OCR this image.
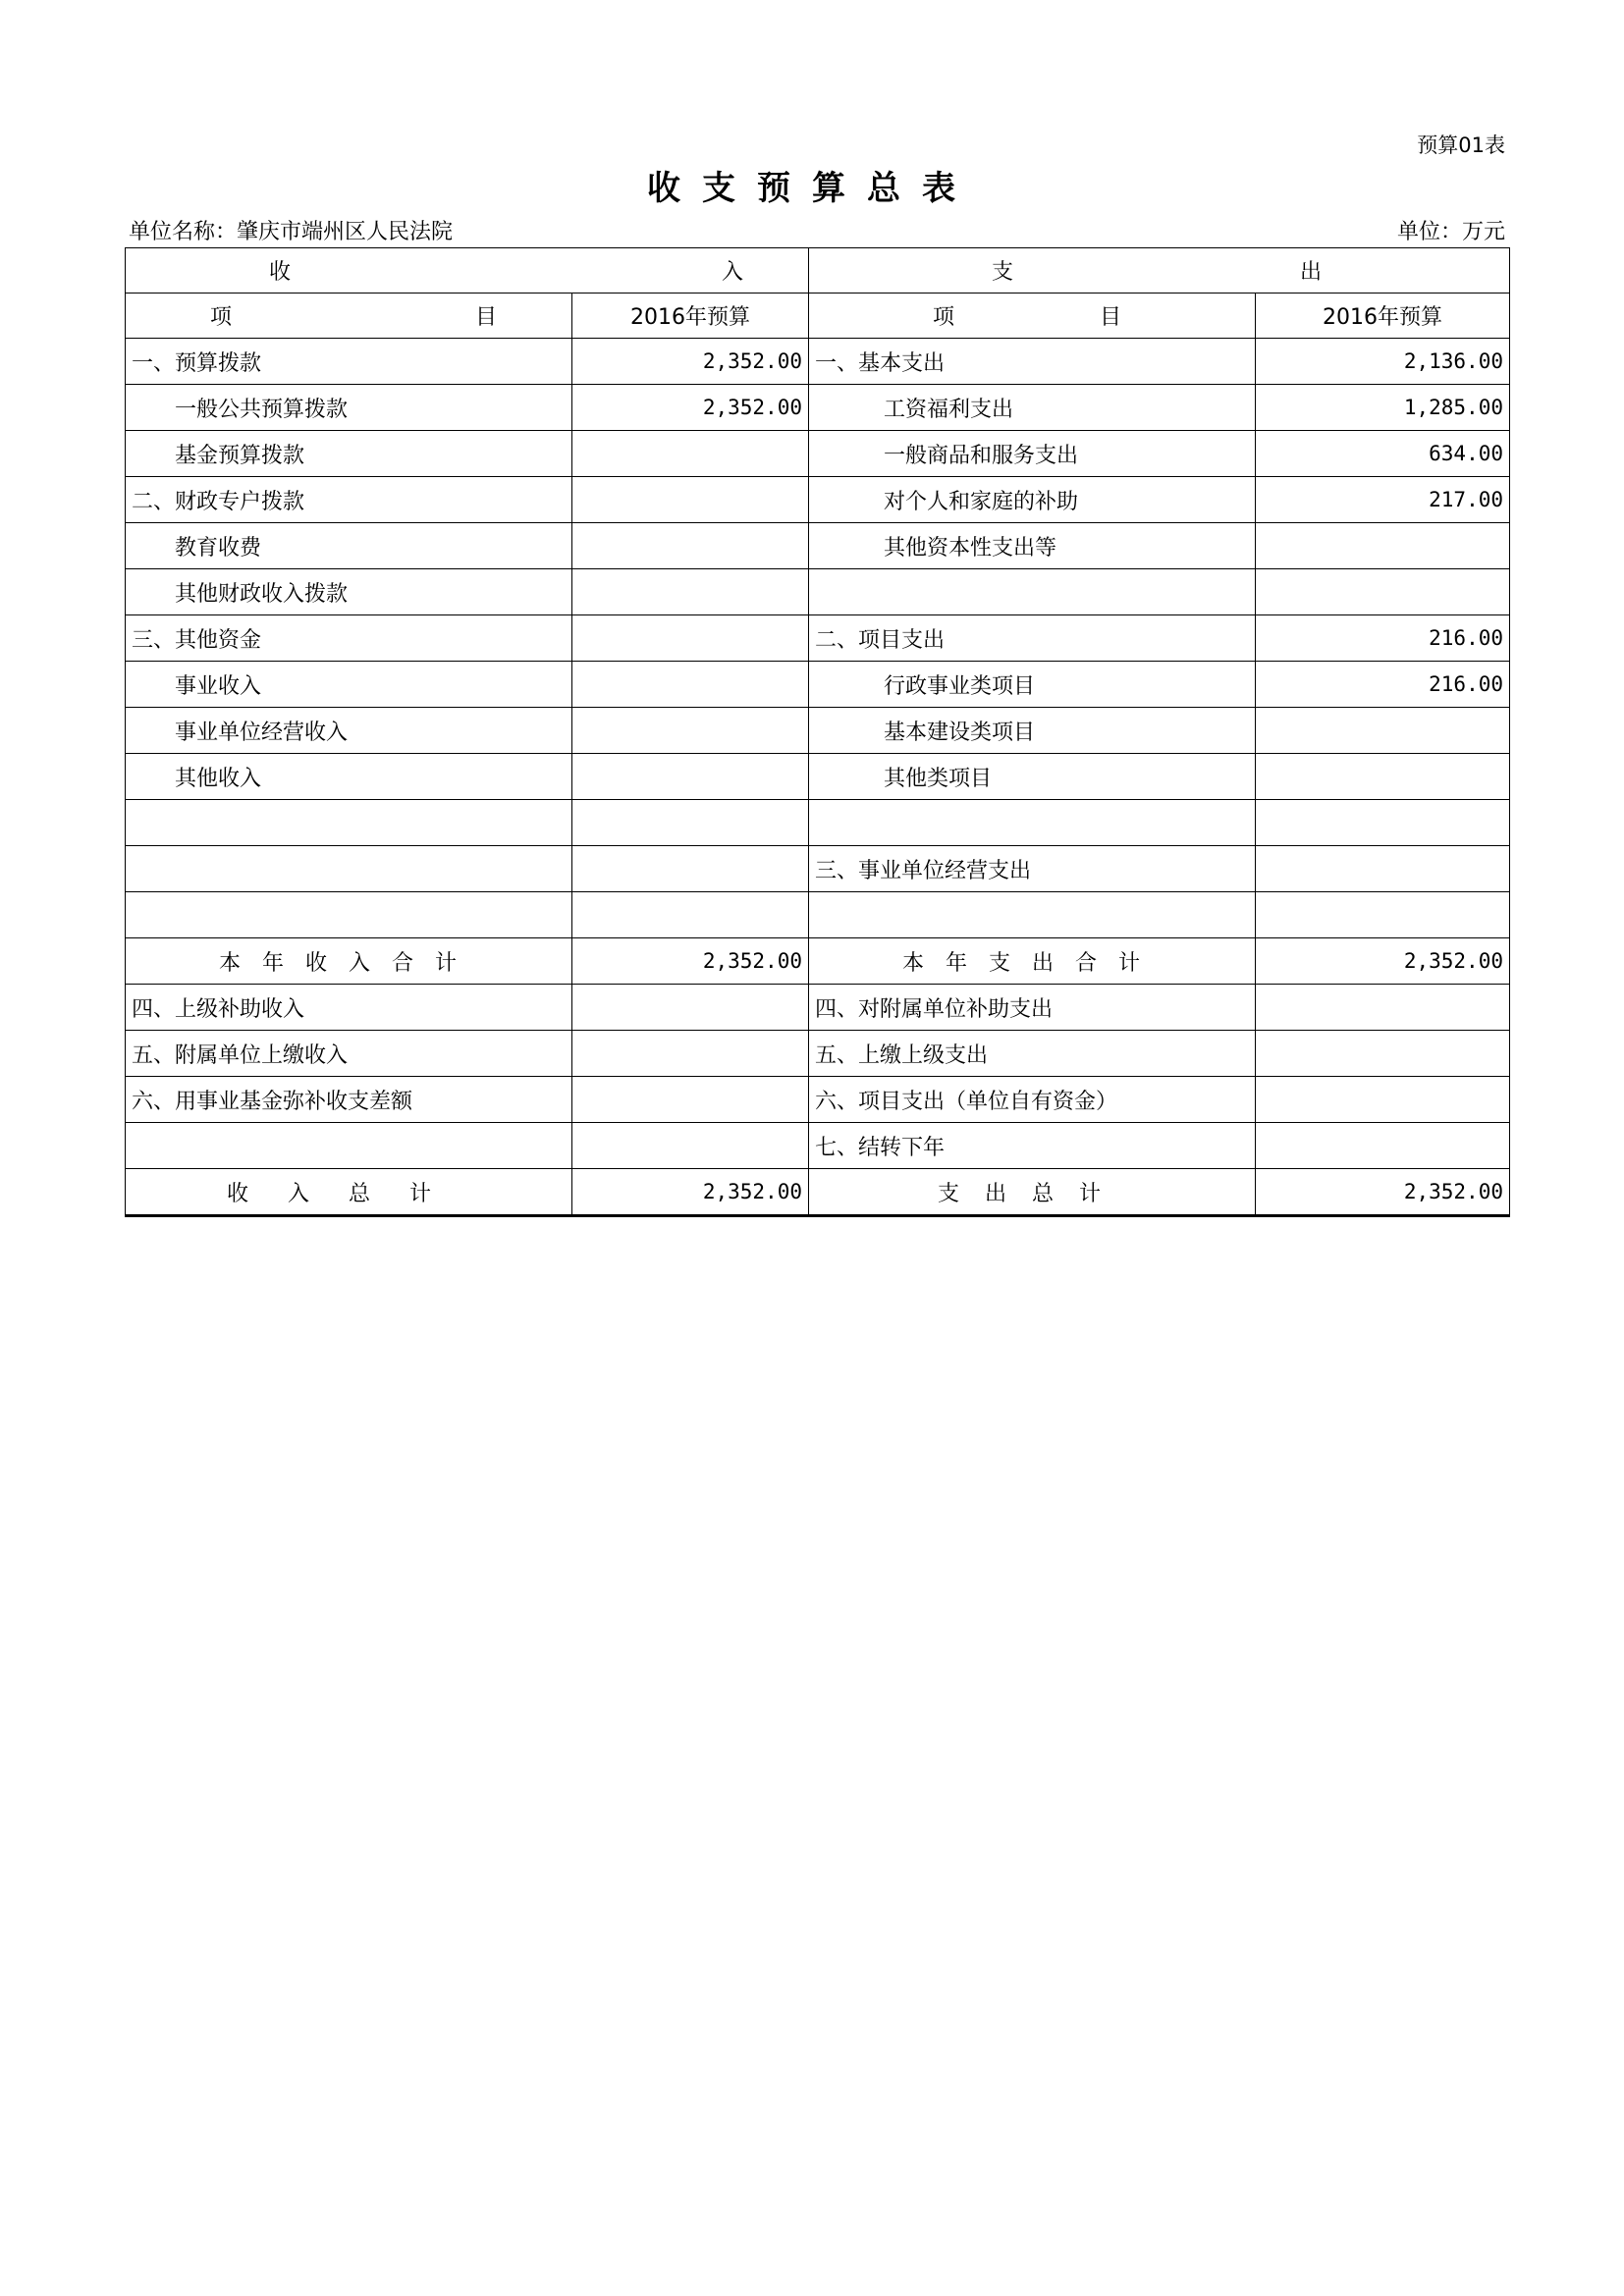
预算01表
收支预算总表
单位名称：肇庆市端州区人民法院	单位：万元
收 入		支 出	

项 目	2016年预算	项 目	2016年预算
一、预算拨款	2,352.00	一、基本支出	2,136.00
一般公共预算拨款	2,352.00	工资福利支出	1,285.00
基金预算拨款		一般商品和服务支出	634.00
二、财政专户拨款		对个人和家庭的补助	217.00
教育收费		其他资本性支出等	
其他财政收入拨款			
三、其他资金		二、项目支出	216.00
事业收入		行政事业类项目	216.00
事业单位经营收入		基本建设类项目	
其他收入		其他类项目	

		三、事业单位经营支出	

本年收入合计	2,352.00	本年支出合计	2,352.00
四、上级补助收入		四、对附属单位补助支出	
五、附属单位上缴收入		五、上缴上级支出	
六、用事业基金弥补收支差额		六、项目支出（单位自有资金）	
		七、结转下年	
收入总计	2,352.00	支出总计	2,352.00
